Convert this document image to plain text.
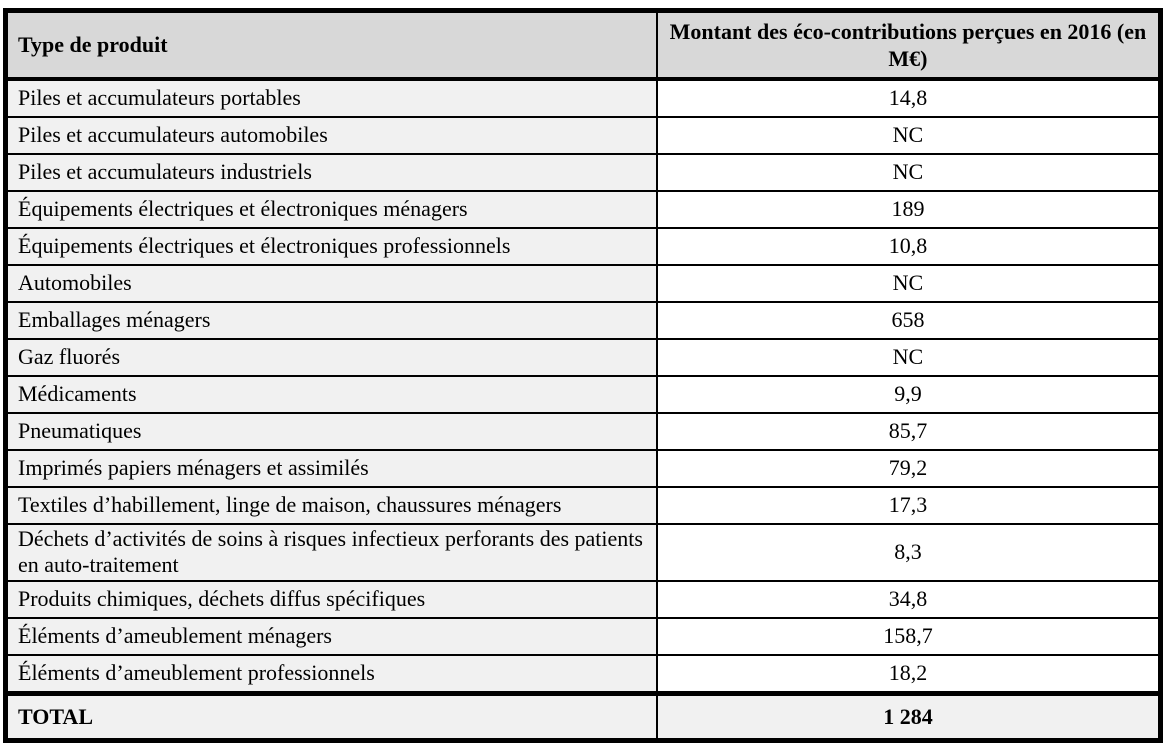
Type de produit	Montant des éco-contributions perçues en 2016 (en M€)
Piles et accumulateurs portables	14,8
Piles et accumulateurs automobiles	NC
Piles et accumulateurs industriels	NC
Équipements électriques et électroniques ménagers	189
Équipements électriques et électroniques professionnels	10,8
Automobiles	NC
Emballages ménagers	658
Gaz fluorés	NC
Médicaments	9,9
Pneumatiques	85,7
Imprimés papiers ménagers et assimilés	79,2
Textiles d’habillement, linge de maison, chaussures ménagers	17,3
Déchets d’activités de soins à risques infectieux perforants des patients en auto-traitement	8,3
Produits chimiques, déchets diffus spécifiques	34,8
Éléments d’ameublement ménagers	158,7
Éléments d’ameublement professionnels	18,2
TOTAL	1 284
